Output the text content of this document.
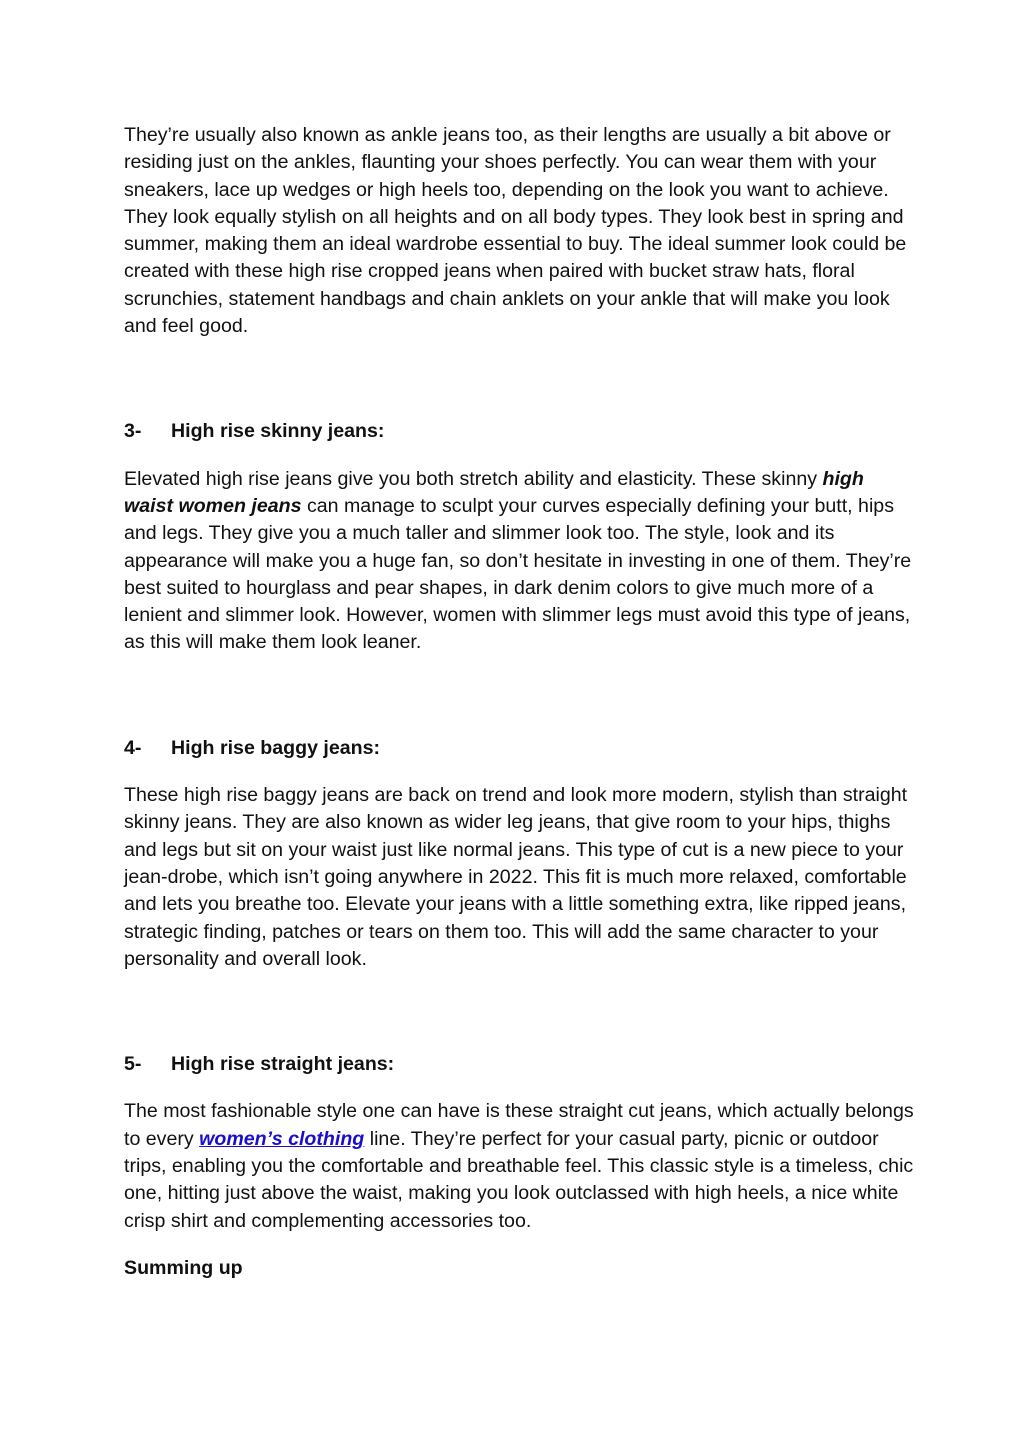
They’re usually also known as ankle jeans too, as their lengths are usually a bit above or residing just on the ankles, flaunting your shoes perfectly. You can wear them with your sneakers, lace up wedges or high heels too, depending on the look you want to achieve. They look equally stylish on all heights and on all body types. They look best in spring and summer, making them an ideal wardrobe essential to buy. The ideal summer look could be created with these high rise cropped jeans when paired with bucket straw hats, floral scrunchies, statement handbags and chain anklets on your ankle that will make you look and feel good.

3-	High rise skinny jeans:

Elevated high rise jeans give you both stretch ability and elasticity. These skinny high waist women jeans can manage to sculpt your curves especially defining your butt, hips and legs. They give you a much taller and slimmer look too. The style, look and its appearance will make you a huge fan, so don’t hesitate in investing in one of them. They’re best suited to hourglass and pear shapes, in dark denim colors to give much more of a lenient and slimmer look. However, women with slimmer legs must avoid this type of jeans, as this will make them look leaner.

4-	High rise baggy jeans:

These high rise baggy jeans are back on trend and look more modern, stylish than straight skinny jeans. They are also known as wider leg jeans, that give room to your hips, thighs and legs but sit on your waist just like normal jeans. This type of cut is a new piece to your jean-drobe, which isn’t going anywhere in 2022. This fit is much more relaxed, comfortable and lets you breathe too. Elevate your jeans with a little something extra, like ripped jeans, strategic finding, patches or tears on them too. This will add the same character to your personality and overall look.

5-	High rise straight jeans:

The most fashionable style one can have is these straight cut jeans, which actually belongs to every women’s clothing line. They’re perfect for your casual party, picnic or outdoor trips, enabling you the comfortable and breathable feel. This classic style is a timeless, chic one, hitting just above the waist, making you look outclassed with high heels, a nice white crisp shirt and complementing accessories too.

Summing up
